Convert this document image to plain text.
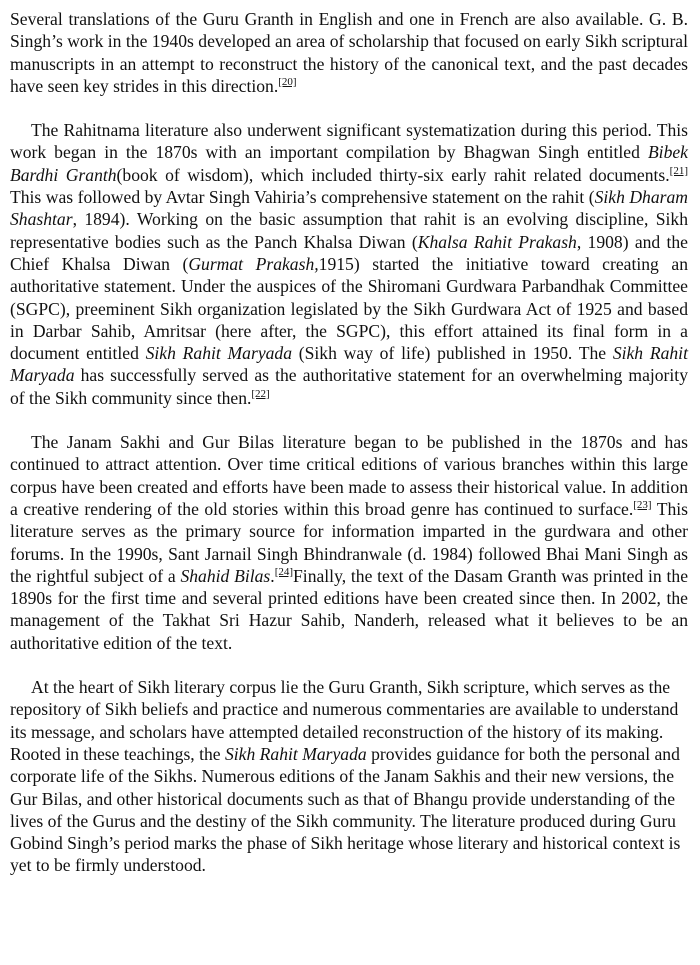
Several translations of the Guru Granth in English and one in French are also available. G. B. Singh’s work in the 1940s developed an area of scholarship that focused on early Sikh scriptural manuscripts in an attempt to reconstruct the history of the canonical text, and the past decades have seen key strides in this direction.[20]

The Rahitnama literature also underwent significant systematization during this period. This work began in the 1870s with an important compilation by Bhagwan Singh entitled Bibek Bardhi Granth(book of wisdom), which included thirty-six early rahit related documents.[21] This was followed by Avtar Singh Vahiria’s comprehensive statement on the rahit (Sikh Dharam Shashtar, 1894). Working on the basic assumption that rahit is an evolving discipline, Sikh representative bodies such as the Panch Khalsa Diwan (Khalsa Rahit Prakash, 1908) and the Chief Khalsa Diwan (Gurmat Prakash,1915) started the initiative toward creating an authoritative statement. Under the auspices of the Shiromani Gurdwara Parbandhak Committee (SGPC), preeminent Sikh organization legislated by the Sikh Gurdwara Act of 1925 and based in Darbar Sahib, Amritsar (here after, the SGPC), this effort attained its final form in a document entitled Sikh Rahit Maryada (Sikh way of life) published in 1950. The Sikh Rahit Maryada has successfully served as the authoritative statement for an overwhelming majority of the Sikh community since then.[22]

The Janam Sakhi and Gur Bilas literature began to be published in the 1870s and has continued to attract attention. Over time critical editions of various branches within this large corpus have been created and efforts have been made to assess their historical value. In addition a creative rendering of the old stories within this broad genre has continued to surface.[23] This literature serves as the primary source for information imparted in the gurdwara and other forums. In the 1990s, Sant Jarnail Singh Bhindranwale (d. 1984) followed Bhai Mani Singh as the rightful subject of a Shahid Bilas.[24]Finally, the text of the Dasam Granth was printed in the 1890s for the first time and several printed editions have been created since then. In 2002, the management of the Takhat Sri Hazur Sahib, Nanderh, released what it believes to be an authoritative edition of the text.

At the heart of Sikh literary corpus lie the Guru Granth, Sikh scripture, which serves as the repository of Sikh beliefs and practice and numerous commentaries are available to understand its message, and scholars have attempted detailed reconstruction of the history of its making. Rooted in these teachings, the Sikh Rahit Maryada provides guidance for both the personal and corporate life of the Sikhs. Numerous editions of the Janam Sakhis and their new versions, the Gur Bilas, and other historical documents such as that of Bhangu provide understanding of the lives of the Gurus and the destiny of the Sikh community. The literature produced during Guru Gobind Singh’s period marks the phase of Sikh heritage whose literary and historical context is yet to be firmly understood.
